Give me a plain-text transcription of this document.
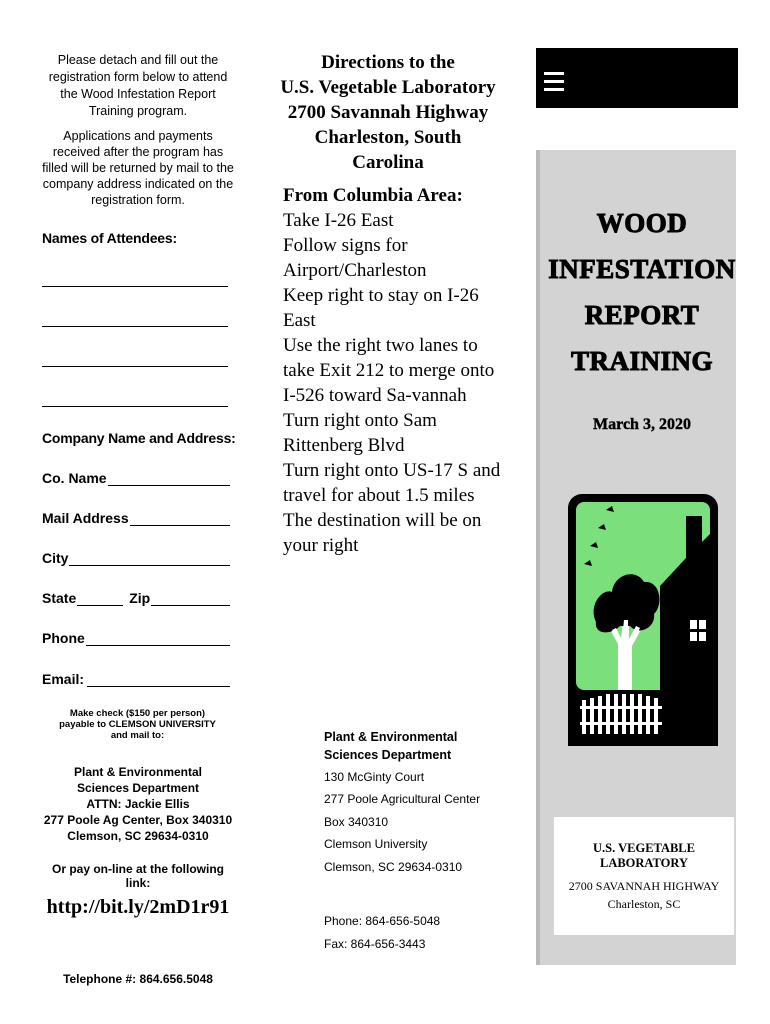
Please detach and fill out the registration form below to attend the Wood Infestation Report Training program.
Applications and payments received after the program has filled will be returned by mail to the company address indicated on the registration form.
Names of Attendees:
Company Name and Address:
Co. Name
Mail Address
City
State	Zip
Phone
Email:
Make check ($150 per person) payable to CLEMSON UNIVERSITY
and mail to:
Plant & Environmental
Sciences Department
ATTN: Jackie Ellis
277 Poole Ag Center, Box 340310
Clemson, SC 29634-0310
Or pay on-line at the following link:
http://bit.ly/2mD1r91
Telephone #: 864.656.5048
Directions to the
U.S. Vegetable Laboratory
2700 Savannah Highway
Charleston, South Carolina
From Columbia Area:
Take I-26 East
Follow signs for Airport/Charleston
Keep right to stay on I-26 East
Use the right two lanes to take Exit 212 to merge onto I-526 toward Sa-vannah
Turn right onto Sam Rittenberg Blvd
Turn right onto US-17 S and travel for about 1.5 miles
The destination will be on your right
Plant & Environmental Sciences Department
130 McGinty Court
277 Poole Agricultural Center
Box 340310
Clemson University
Clemson, SC 29634-0310
Phone: 864-656-5048
Fax: 864-656-3443
WOOD
INFESTATION
REPORT
TRAINING
March 3, 2020
U.S. VEGETABLE LABORATORY
2700 SAVANNAH HIGHWAY
Charleston, SC
